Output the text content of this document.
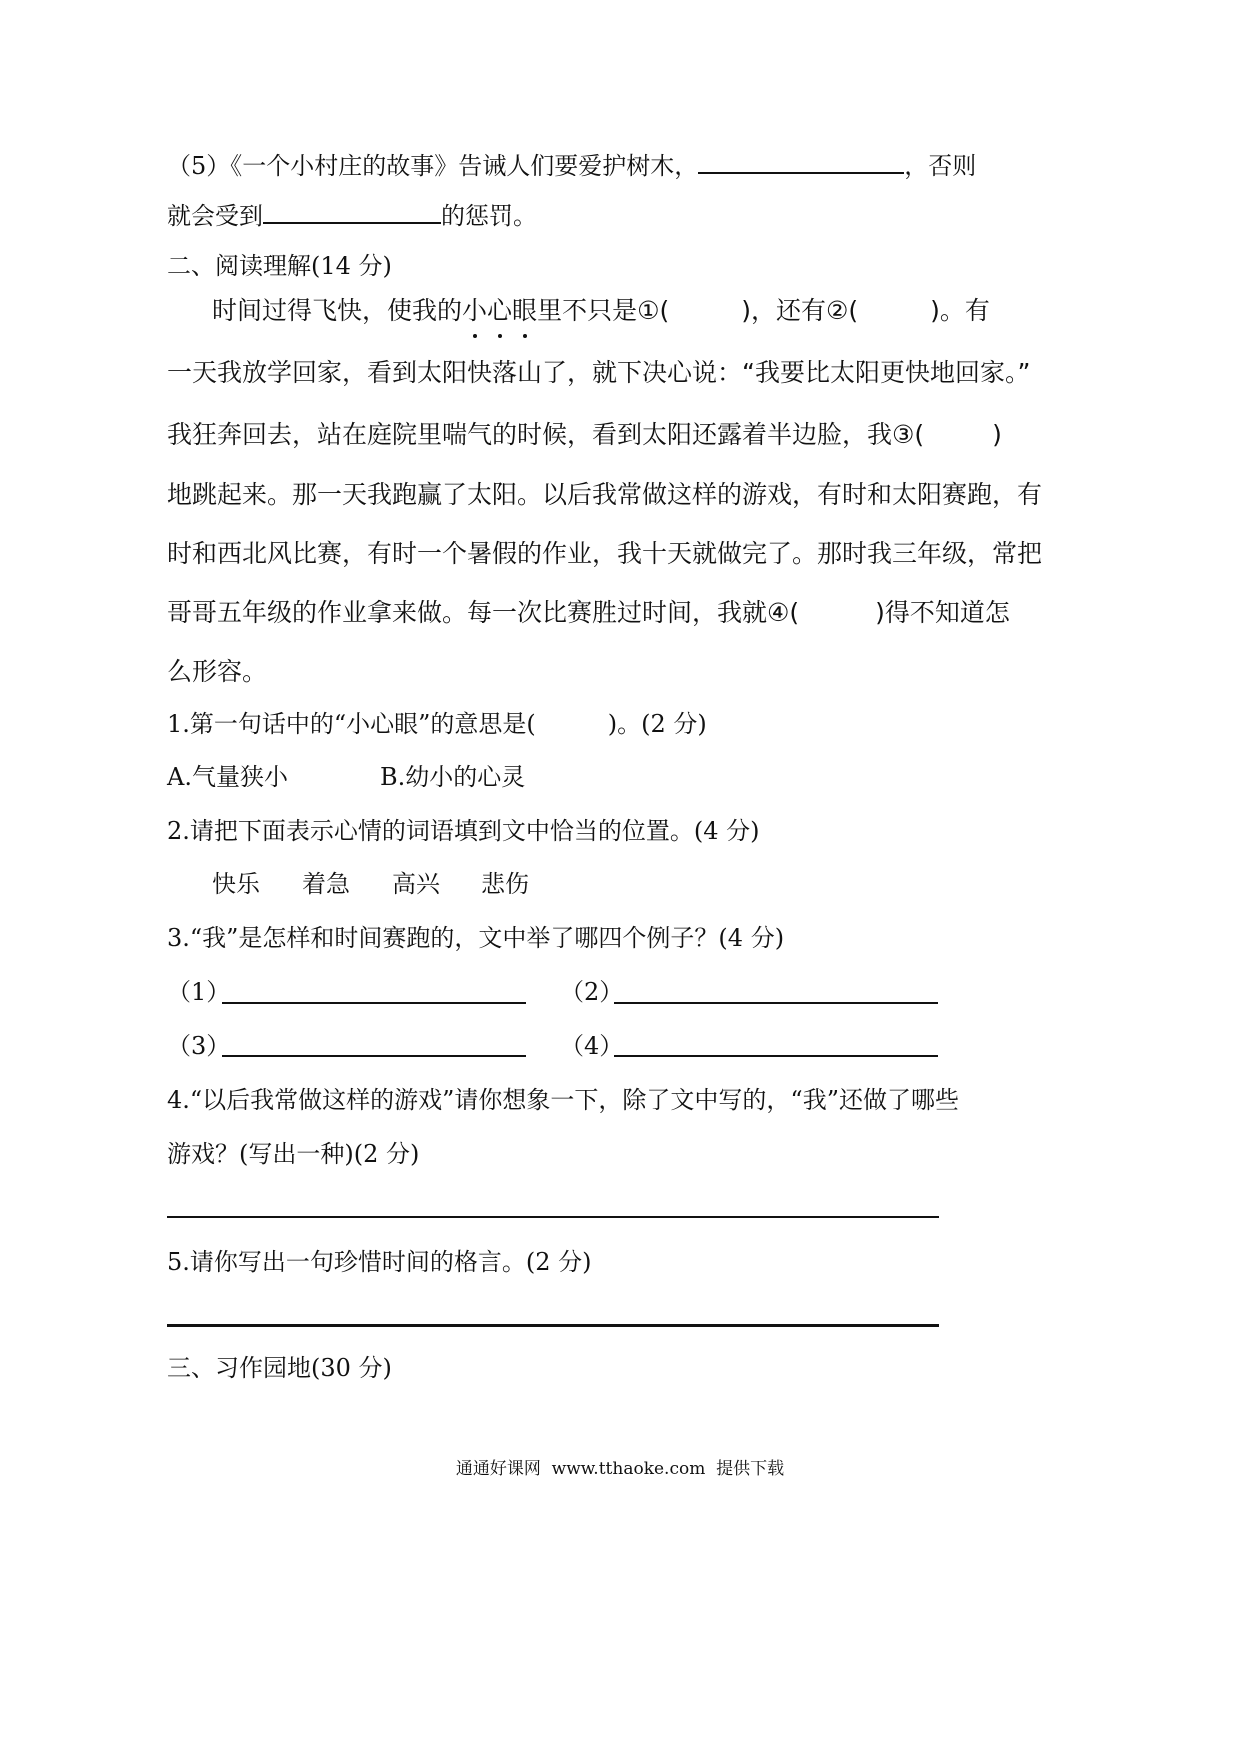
（5）《一个小村庄的故事》告诫人们要爱护树木，	，否则
就会受到	的惩罚。
二、阅读理解(14 分)
时间过得飞快，使我的小
心
眼
里不只是①(	)，还有②(	)。有
一天我放学回家，看到太阳快落山了，就下决心说：“我要比太阳更快地回家。”
我狂奔回去，站在庭院里喘气的时候，看到太阳还露着半边脸，我③(	)
地跳起来。那一天我跑赢了太阳。以后我常做这样的游戏，有时和太阳赛跑，有
时和西北风比赛，有时一个暑假的作业，我十天就做完了。那时我三年级，常把
哥哥五年级的作业拿来做。每一次比赛胜过时间，我就④(	)得不知道怎
么形容。
1.第一句话中的“小心眼”的意思是(　　　)。(2 分)
A.气量狭小	B.幼小的心灵
2.请把下面表示心情的词语填到文中恰当的位置。(4 分)
快乐 着急 高兴 悲伤
3.“我”是怎样和时间赛跑的，文中举了哪四个例子？(4 分)
（1）	（2）
（3）	（4）
4.“以后我常做这样的游戏”请你想象一下，除了文中写的，“我”还做了哪些
游戏？(写出一种)(2 分)
5.请你写出一句珍惜时间的格言。(2 分)
三、习作园地(30 分)
通通好课网  www.tthaoke.com  提供下载
